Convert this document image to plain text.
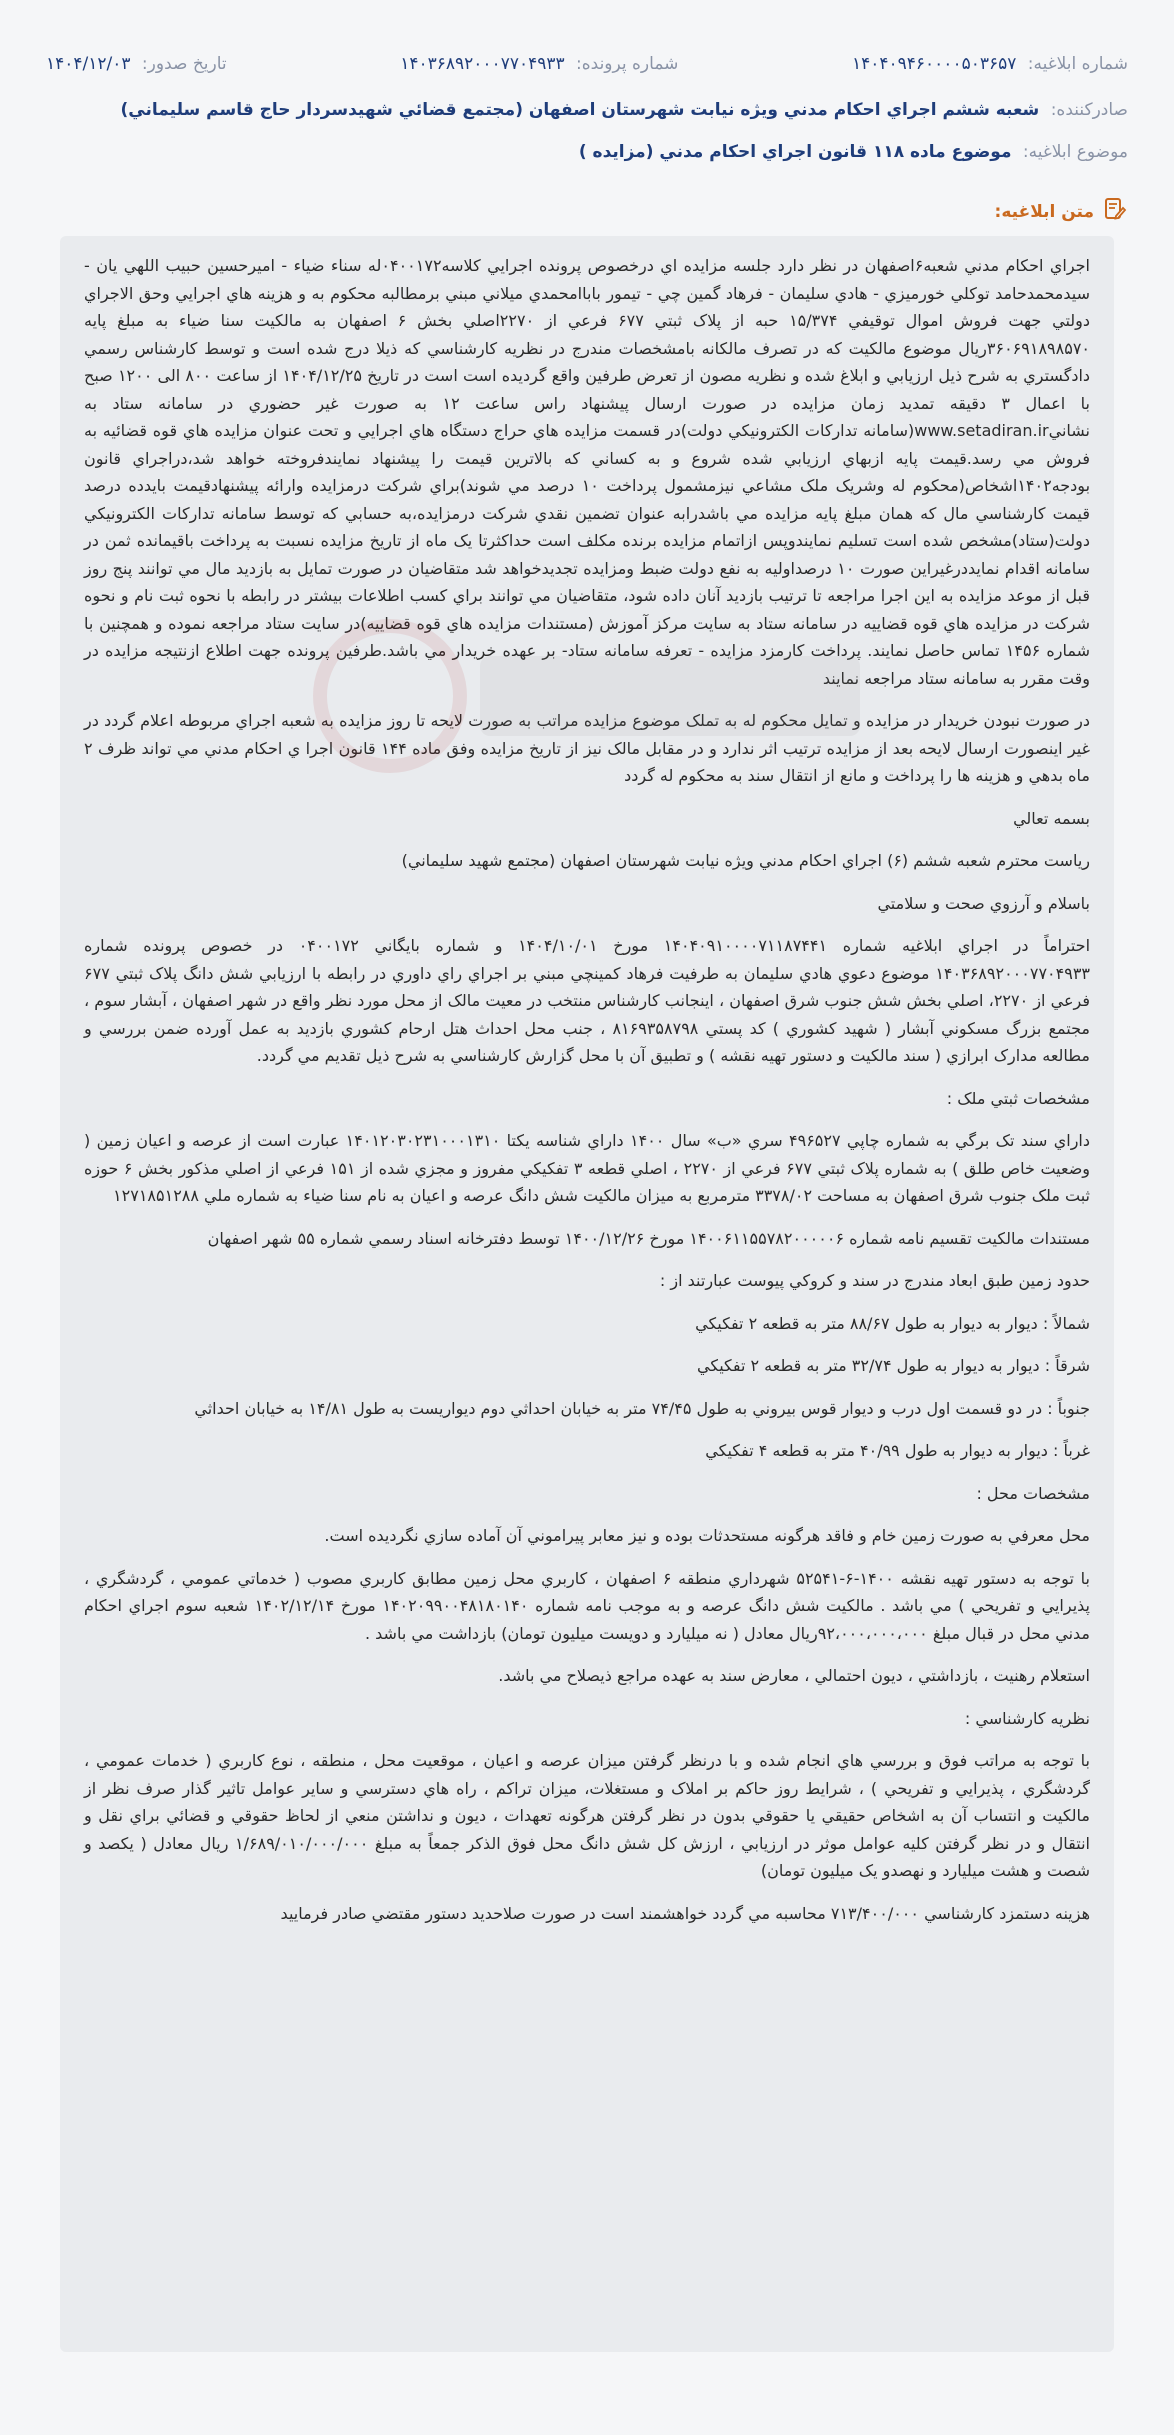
شماره ابلاغيه: ۱۴۰۴۰۹۴۶۰۰۰۰۵۰۳۶۵۷
شماره پرونده: ۱۴۰۳۶۸۹۲۰۰۰۷۷۰۴۹۳۳
تاريخ صدور: ۱۴۰۴/۱۲/۰۳
صادرکننده: شعبه ششم اجراي احکام مدني ويژه نيابت شهرستان اصفهان (مجتمع قضائي شهيدسردار حاج قاسم سليماني)
موضوع ابلاغيه: موضوع ماده ۱۱۸ قانون اجراي احکام مدني (مزايده )
متن ابلاغيه:

اجراي احکام مدني شعبه۶اصفهان در نظر دارد جلسه مزايده اي درخصوص پرونده اجرايي کلاسه۰۴۰۰۱۷۲له سناء ضياء - اميرحسين حبيب اللهي يان - سيدمحمدحامد توکلي خورميزي - هادي سليمان - فرهاد گمين چي - تيمور باباامحمدي ميلاني مبني برمطالبه محکوم به و هزينه هاي اجرايي وحق الاجراي دولتي جهت فروش اموال توقيفي ۱۵/۳۷۴ حبه از پلاک ثبتي ۶۷۷ فرعي از ۲۲۷۰اصلي بخش ۶ اصفهان به مالکيت سنا ضياء به مبلغ پايه ۳۶۰۶۹۱۸۹۸۵۷۰ريال موضوع مالکيت که در تصرف مالکانه بامشخصات مندرج در نظريه کارشناسي که ذيلا درج شده است و توسط کارشناس رسمي دادگستري به شرح ذيل ارزيابي و ابلاغ شده و نظريه مصون از تعرض طرفين واقع گرديده است است در تاريخ ۱۴۰۴/۱۲/۲۵ از ساعت ۸۰۰ الی ۱۲۰۰ صبح با اعمال ۳ دقيقه تمديد زمان مزايده در صورت ارسال پيشنهاد راس ساعت ۱۲ به صورت غير حضوري در سامانه ستاد به نشانيwww.setadiran.ir(سامانه تدارکات الکترونيکي دولت)در قسمت مزايده هاي حراج دستگاه هاي اجرايي و تحت عنوان مزايده هاي قوه قضائيه به فروش مي رسد.قيمت پايه ازبهاي ارزيابي شده شروع و به کساني که بالاترين قيمت را پيشنهاد نمايندفروخته خواهد شد،دراجراي قانون بودجه۱۴۰۲اشخاص(محکوم له وشريک ملک مشاعي نيزمشمول پرداخت ۱۰ درصد مي شوند)براي شرکت درمزايده وارائه پيشنهادقيمت بايدده درصد قيمت کارشناسي مال که همان مبلغ پايه مزايده مي باشدرابه عنوان تضمين نقدي شرکت درمزايده،به حسابي که توسط سامانه تدارکات الکترونيکي دولت(ستاد)مشخص شده است تسليم نمايندوپس ازاتمام مزايده برنده مکلف است حداکثرتا يک ماه از تاريخ مزايده نسبت به پرداخت باقيمانده ثمن در سامانه اقدام نمايددرغيراين صورت ۱۰ درصداوليه به نفع دولت ضبط ومزايده تجديدخواهد شد متقاضيان در صورت تمايل به بازديد مال مي توانند پنج روز قبل از موعد مزايده به اين اجرا مراجعه تا ترتيب بازديد آنان داده شود، متقاضيان مي توانند براي کسب اطلاعات بيشتر در رابطه با نحوه ثبت نام و نحوه شرکت در مزايده هاي قوه قضاييه در سامانه ستاد به سايت مرکز آموزش (مستندات مزايده هاي قوه قضاييه)در سايت ستاد مراجعه نموده و همچنين با شماره ۱۴۵۶ تماس حاصل نمايند. پرداخت کارمزد مزايده - تعرفه سامانه ستاد- بر عهده خريدار مي باشد.طرفين پرونده جهت اطلاع ازنتيجه مزايده در وقت مقرر به سامانه ستاد مراجعه نمايند

در صورت نبودن خريدار در مزايده و تمايل محکوم له به تملک موضوع مزايده مراتب به صورت لايحه تا روز مزايده به شعبه اجراي مربوطه اعلام گردد در غير اينصورت ارسال لايحه بعد از مزايده ترتيب اثر ندارد و در مقابل مالک نيز از تاريخ مزايده وفق ماده ۱۴۴ قانون اجرا ي احکام مدني مي تواند ظرف ۲ ماه بدهي و هزينه ها را پرداخت و مانع از انتقال سند به محکوم له گردد

بسمه تعالي

رياست محترم شعبه ششم (۶) اجراي احکام مدني ويژه نيابت شهرستان اصفهان (مجتمع شهيد سليماني)

باسلام و آرزوي صحت و سلامتي

احتراماً در اجراي ابلاغيه شماره ۱۴۰۴۰۹۱۰۰۰۰۷۱۱۸۷۴۴۱ مورخ ۱۴۰۴/۱۰/۰۱ و شماره بايگاني ۰۴۰۰۱۷۲ در خصوص پرونده شماره ۱۴۰۳۶۸۹۲۰۰۰۷۷۰۴۹۳۳ موضوع دعوي هادي سليمان به طرفيت فرهاد کمينچي مبني بر اجراي راي داوري در رابطه با ارزيابي شش دانگ پلاک ثبتي ۶۷۷ فرعي از ۲۲۷۰، اصلي بخش شش جنوب شرق اصفهان ، اينجانب کارشناس منتخب در معيت مالک از محل مورد نظر واقع در شهر اصفهان ، آبشار سوم ، مجتمع بزرگ مسکوني آبشار ( شهيد کشوري ) کد پستي ۸۱۶۹۳۵۸۷۹۸ ، جنب محل احداث هتل ارحام کشوري بازديد به عمل آورده ضمن بررسي و مطالعه مدارک ابرازي ( سند مالکيت و دستور تهيه نقشه ) و تطبيق آن با محل گزارش کارشناسي به شرح ذيل تقديم مي گردد.

مشخصات ثبتي ملک :

داراي سند تک برگي به شماره چاپي ۴۹۶۵۲۷ سري «ب» سال ۱۴۰۰ داراي شناسه يکتا ۱۴۰۱۲۰۳۰۲۳۱۰۰۰۱۳۱۰ عبارت است از عرصه و اعيان زمين ( وضعيت خاص طلق ) به شماره پلاک ثبتي ۶۷۷ فرعي از ۲۲۷۰ ، اصلي قطعه ۳ تفکيکي مفروز و مجزي شده از ۱۵۱ فرعي از اصلي مذکور بخش ۶ حوزه ثبت ملک جنوب شرق اصفهان به مساحت ۳۳۷۸/۰۲ مترمربع به ميزان مالکيت شش دانگ عرصه و اعيان به نام سنا ضياء به شماره ملي ۱۲۷۱۸۵۱۲۸۸

مستندات مالکيت تقسيم نامه شماره ۱۴۰۰۶۱۱۵۵۷۸۲۰۰۰۰۰۶ مورخ ۱۴۰۰/۱۲/۲۶ توسط دفترخانه اسناد رسمي شماره ۵۵ شهر اصفهان

حدود زمين طبق ابعاد مندرج در سند و کروکي پيوست عبارتند از :

شمالاً : ديوار به ديوار به طول ۸۸/۶۷ متر به قطعه ۲ تفکيکي

شرقاً : ديوار به ديوار به طول ۳۲/۷۴ متر به قطعه ۲ تفکيکي

جنوباً : در دو قسمت اول درب و ديوار قوس بيروني به طول ۷۴/۴۵ متر به خيابان احداثي دوم ديواريست به طول ۱۴/۸۱ به خيابان احداثي

غرباً : ديوار به ديوار به طول ۴۰/۹۹ متر به قطعه ۴ تفکيکي

مشخصات محل :

محل معرفي به صورت زمين خام و فاقد هرگونه مستحدثات بوده و نيز معابر پيراموني آن آماده سازي نگرديده است.

با توجه به دستور تهيه نقشه ۱۴۰۰-۶-۵۲۵۴۱ شهرداري منطقه ۶ اصفهان ، کاربري محل زمين مطابق کاربري مصوب ( خدماتي عمومي ، گردشگري ، پذيرايي و تفريحي ) مي باشد . مالکيت شش دانگ عرصه و به موجب نامه شماره ۱۴۰۲۰۹۹۰۰۴۸۱۸۰۱۴۰ مورخ ۱۴۰۲/۱۲/۱۴ شعبه سوم اجراي احکام مدني محل در قبال مبلغ ۹۲،۰۰۰،۰۰۰،۰۰۰ريال معادل ( نه ميليارد و دويست ميليون تومان) بازداشت مي باشد .

استعلام رهنيت ، بازداشتي ، ديون احتمالي ، معارض سند به عهده مراجع ذيصلاح مي باشد.

نظريه کارشناسي :

با توجه به مراتب فوق و بررسي هاي انجام شده و با درنظر گرفتن ميزان عرصه و اعيان ، موقعيت محل ، منطقه ، نوع کاربري ( خدمات عمومي ، گردشگري ، پذيرايي و تفريحي ) ، شرايط روز حاکم بر املاک و مستغلات، ميزان تراکم ، راه هاي دسترسي و ساير عوامل تاثير گذار صرف نظر از مالکيت و انتساب آن به اشخاص حقيقي يا حقوقي بدون در نظر گرفتن هرگونه تعهدات ، ديون و نداشتن منعي از لحاظ حقوقي و قضائي براي نقل و انتقال و در نظر گرفتن کليه عوامل موثر در ارزيابي ، ارزش کل شش دانگ محل فوق الذکر جمعاً به مبلغ ۱/۶۸۹/۰۱۰/۰۰۰/۰۰۰ ريال معادل ( يکصد و شصت و هشت ميليارد و نهصدو يک ميليون تومان)

هزينه دستمزد کارشناسي ۷۱۳/۴۰۰/۰۰۰ محاسبه مي گردد خواهشمند است در صورت صلاحديد دستور مقتضي صادر فرماييد
